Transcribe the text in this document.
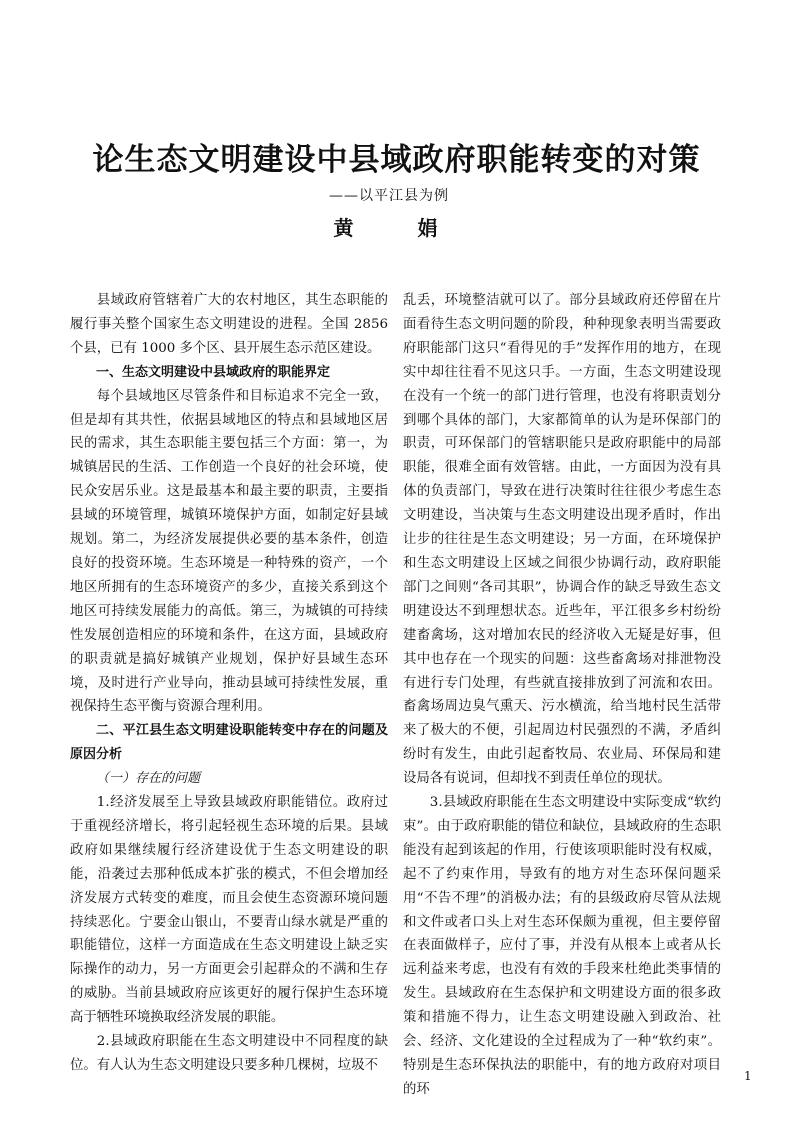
论生态文明建设中县域政府职能转变的对策
——以平江县为例
黄　娟

县域政府管辖着广大的农村地区，其生态职能的履行事关整个国家生态文明建设的进程。全国 2856 个县，已有 1000 多个区、县开展生态示范区建设。

一、生态文明建设中县域政府的职能界定

每个县域地区尽管条件和目标追求不完全一致，但是却有其共性，依据县域地区的特点和县域地区居民的需求，其生态职能主要包括三个方面：第一，为城镇居民的生活、工作创造一个良好的社会环境，使民众安居乐业。这是最基本和最主要的职责，主要指县域的环境管理，城镇环境保护方面，如制定好县域规划。第二，为经济发展提供必要的基本条件，创造良好的投资环境。生态环境是一种特殊的资产，一个地区所拥有的生态环境资产的多少，直接关系到这个地区可持续发展能力的高低。第三，为城镇的可持续性发展创造相应的环境和条件，在这方面，县域政府的职责就是搞好城镇产业规划，保护好县域生态环境，及时进行产业导向，推动县域可持续性发展，重视保持生态平衡与资源合理利用。

二、平江县生态文明建设职能转变中存在的问题及原因分析
（一）存在的问题

1.经济发展至上导致县域政府职能错位。政府过于重视经济增长，将引起轻视生态环境的后果。县域政府如果继续履行经济建设优于生态文明建设的职能，沿袭过去那种低成本扩张的模式，不但会增加经济发展方式转变的难度，而且会使生态资源环境问题持续恶化。宁要金山银山，不要青山绿水就是严重的职能错位，这样一方面造成在生态文明建设上缺乏实际操作的动力，另一方面更会引起群众的不满和生存的威胁。当前县域政府应该更好的履行保护生态环境高于牺牲环境换取经济发展的职能。

2.县域政府职能在生态文明建设中不同程度的缺位。有人认为生态文明建设只要多种几棵树，垃圾不

乱丢，环境整洁就可以了。部分县域政府还停留在片面看待生态文明问题的阶段，种种现象表明当需要政府职能部门这只“看得见的手”发挥作用的地方，在现实中却往往看不见这只手。一方面，生态文明建设现在没有一个统一的部门进行管理，也没有将职责划分到哪个具体的部门，大家都简单的认为是环保部门的职责，可环保部门的管辖职能只是政府职能中的局部职能，很难全面有效管辖。由此，一方面因为没有具体的负责部门，导致在进行决策时往往很少考虑生态文明建设，当决策与生态文明建设出现矛盾时，作出让步的往往是生态文明建设；另一方面，在环境保护和生态文明建设上区域之间很少协调行动，政府职能部门之间则“各司其职”，协调合作的缺乏导致生态文明建设达不到理想状态。近些年，平江很多乡村纷纷建畜禽场，这对增加农民的经济收入无疑是好事，但其中也存在一个现实的问题：这些畜禽场对排泄物没有进行专门处理，有些就直接排放到了河流和农田。畜禽场周边臭气熏天、污水横流，给当地村民生活带来了极大的不便，引起周边村民强烈的不满，矛盾纠纷时有发生，由此引起畜牧局、农业局、环保局和建设局各有说词，但却找不到责任单位的现状。

3.县域政府职能在生态文明建设中实际变成“软约束”。由于政府职能的错位和缺位，县域政府的生态职能没有起到该起的作用，行使该项职能时没有权威，起不了约束作用，导致有的地方对生态环保问题采用“不告不理”的消极办法；有的县级政府尽管从法规和文件或者口头上对生态环保颇为重视，但主要停留在表面做样子，应付了事，并没有从根本上或者从长远利益来考虑，也没有有效的手段来杜绝此类事情的发生。县域政府在生态保护和文明建设方面的很多政策和措施不得力，让生态文明建设融入到政治、社会、经济、文化建设的全过程成为了一种“软约束”。特别是生态环保执法的职能中，有的地方政府对项目的环

1
